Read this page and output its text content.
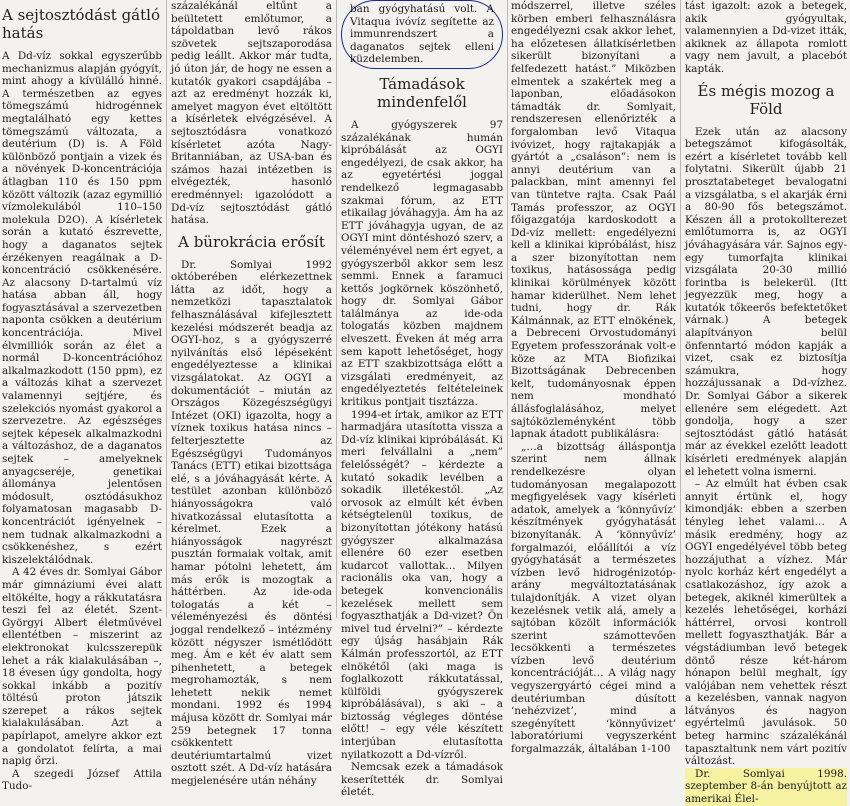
A sejtosztódást gátló hatás

A Dd-víz sokkal egyszerűbb mechanizmus alapján gyógyít, mint ahogy a kívülálló hinné. A természetben az egyes tömegszámú hidrogénnek megtalálható egy kettes tömegszámú változata, a deutérium (D) is. A Föld különböző pontjain a vizek és a növények D-koncentrációja átlagban 110 és 150 ppm között változik (azaz egymillió vízmolekulából 110–150 molekula D2O). A kísérletek során a kutató észrevette, hogy a daganatos sejtek érzékenyen reagálnak a D-koncentráció csökkenésére. Az alacsony D-tartalmú víz hatása abban áll, hogy fogyasztásával a szervezetben naponta csökken a deutérium koncentrációja. Mivel élvmilliók során az élet a normál D-koncentrációhoz alkalmazkodott (150 ppm), ez a változás kihat a szervezet valamennyi sejtjére, és szelekciós nyomást gyakorol a szervezetre. Az egészséges sejtek képesek alkalmazkodni a változáshoz, de a daganatos sejtek – amelyeknek anyagcseréje, genetikai állománya jelentősen módosult, osztódásukhoz folyamatosan magasabb D-koncentrációt igényelnek – nem tudnak alkalmazkodni a csökkenéshez, s ezért kiszelektálódnak.

A 42 éves dr. Somlyai Gábor már gimnáziumi évei alatt eltökélte, hogy a rákkutatásra teszi fel az életét. Szent-Györgyi Albert életművével ellentétben – miszerint az elektronokat kulcsszerepük lehet a rák kialakulásában –, 18 évesen úgy gondolta, hogy sokkal inkább a pozitív töltésű proton játszik szerepet a rákos sejtek kialakulásában. Azt a papírlapot, amelyre akkor ezt a gondolatot felírta, a mai napig őrzi.

A szegedi József Attila Tudo-

százalékánál eltűnt a beültetett emlőtumor, a tápoldatban levő rákos szövetek sejtszaporodása pedig leállt. Akkor már tudta, jó úton jár, de hogy ne essen a kutatók gyakori csapdájába – azt az eredményt hozzák ki, amelyet magyon évet eltöltött a kísérletek elvégzésével. A sejtosztódásra vonatkozó kísérletet azóta Nagy-Britanniában, az USA-ban és számos hazai intézetben is elvégezték, hasonló eredménnyel: igazolódott a Dd-víz sejtosztódást gátló hatása.

A bürokrácia erősít

Dr. Somlyai 1992 októberében elérkezettnek látta az időt, hogy a nemzetközi tapasztalatok felhasználásával kifejlesztett kezelési módszerét beadja az OGYI-hoz, s a gyógyszerré nyilvánítás első lépéseként engedélyeztesse a klinikai vizsgálatokat. Az OGYI a dokumentációt – miután az Országos Közegészségügyi Intézet (OKI) igazolta, hogy a víznek toxikus hatása nincs – felterjesztette az Egészségügyi Tudományos Tanács (ETT) etikai bizottsága elé, s a jóváhagyását kérte. A testület azonban különböző hiányosságokra való hivatkozással elutasította a kérelmet. Ezek a hiányosságok nagyrészt pusztán formaiak voltak, amit hamar pótolni lehetett, ám más erők is mozogtak a háttérben. Az ide-oda tologatás a két – véleményezési és döntési joggal rendelkező – intézmény között négyszer ismétlődött meg. Ám e két év alatt sem pihenhetett, a betegek megrohamozták, s nem lehetett nekik nemet mondani. 1992 és 1994 májusa között dr. Somlyai már 259 betegnek 17 tonna csökkentett deutériumtartalmú vizet osztott szét. A Dd-víz hatására megjelenésére után néhány

ban gyógyhatású volt. A Vitaqua ivóvíz segítette az immunrendszert a daganatos sejtek elleni küzdelemben.

Támadások mindenfelől

A gyógyszerek 97 százalékának humán kipróbálását az OGYI engedélyezi, de csak akkor, ha az egyetértési joggal rendelkező legmagasabb szakmai fórum, az ETT etikailag jóváhagyja. Ám ha az ETT jóváhagyja ugyan, de az OGYI mint döntéshozó szerv, a véleményével nem ért egyet, a gyógyszerből akkor sem lesz semmi. Ennek a faramuci kettős jogkörnek köszönhető, hogy dr. Somlyai Gábor találmánya az ide-oda tologatás közben majdnem elveszett. Éveken át még arra sem kapott lehetőséget, hogy az ETT szakbizottsága előtt a vizsgálati eredményeit, az engedélyeztetés feltételeinek kritikus pontjait tisztázza.

1994-et írtak, amikor az ETT harmadjára utasította vissza a Dd-víz klinikai kipróbálását. Ki meri felvállalni a „nem” felelősségét? – kérdezte a kutató sokadik levélben a sokadik illetékestől. „Az orvosok az elmúlt két évben kétségtelenül toxikus, de bizonyítottan jótékony hatású gyógyszer alkalmazása ellenére 60 ezer esetben kudarcot vallottak… Milyen racionális oka van, hogy a betegek konvencionális kezelések mellett sem fogyaszthatják a Dd-vizet? Ön mivel tud érvelni?” – kérdezte egy újság hasábjain Rák Kálmán professzortól, az ETT elnökétől (aki maga is foglalkozott rákkutatással, külföldi gyógyszerek kipróbálásával), s aki – a biztosság végleges döntése előtt! – egy véle készített interjúban elutasította nyilatkozott a Dd-vízről.

Nemcsak ezek a támadások keserítették dr. Somlyai életét.

módszerrel, illetve széles körben emberi felhasználásra engedélyezni csak akkor lehet, ha előzetesen állatkísérletben sikerült bizonyítani a felfedezett hatást.” Miközben elmentek a szakértek meg a laponban, előadásokon támadták dr. Somlyait, rendszeresen ellenőrizték a forgalomban levő Vitaqua ivóvizet, hogy rajtakapják a gyártót a „csaláson”: nem is annyi deutérium van a palackban, mint amennyi fel van tüntetve rajta. Csak Paál Tamás professzor, az OGYI főigazgatója kardoskodott a Dd-víz mellett: engedélyezni kell a klinikai kipróbálást, hisz a szer bizonyítottan nem toxikus, hatásossága pedig klinikai körülmények között hamar kiderülhet. Nem lehet tudni, hogy dr. Rák Kálmánnak, az ETT elnökének, a Debreceni Orvostudományi Egyetem professzorának volt-e köze az MTA Biofizikai Bizottságának Debrecenben kelt, tudományosnak éppen nem mondható állásfoglalásához, melyet sajtóközleményként több lapnak átadott publikálásra:

„…a bizottság álláspontja szerint nem állnak rendelkezésre olyan tudományosan megalapozott megfigyelések vagy kísérleti adatok, amelyek a ‘könnyűvíz’ készítmények gyógyhatását bizonyítanák. A ‘könnyűvíz’ forgalmazói, előállítói a víz gyógyhatását a természetes vízben levő hidrogénizotóp-arány megváltoztatásának tulajdonítják. A vizet olyan kezelésnek vetik alá, amely a sajtóban közölt információk szerint számottevően lecsökkenti a természetes vízben levő deutérium koncentrációját… A világ nagy vegyszergyártó cégei mind a deutériumban dúsított ‘nehézvizet’, mind a szegényített ‘könnyűvizet’ laboratóriumi vegyszerként forgalmazzák, általában 1-100

tást igazolt: azok a betegek, akik gyógyultak, valamennyien a Dd-vizet itták, akiknek az állapota romlott vagy nem javult, a placebót kapták.

És mégis mozog a Föld

Ezek után az alacsony betegszámot kifogásolták, ezért a kísérletet tovább kell folytatni. Sikerült újabb 21 prosztatabeteget bevalogatni a vizsgálatba, s el akarják érni a 80-90 fős betegszámot. Készen áll a protokollterezet emlőtumorra is, az OGYI jóváhagyására vár. Sajnos egy-egy tumorfajta klinikai vizsgálata 20-30 millió forintba is belekerül. (Itt jegyezzük meg, hogy a kutatók tőkeerős befektetőket várnak.) A betegek alapítványon belül önfenntartó módon kapják a vizet, csak ez biztosítja számukra, hogy hozzájussanak a Dd-vízhez. Dr. Somlyai Gábor a sikerek ellenére sem elégedett. Azt gondolja, hogy a szer sejtosztódást gátló hatását már az évekkel ezelőtt leadott kísérleti eredmények alapján el lehetett volna ismerni.

– Az elmúlt hat évben csak annyit értünk el, hogy kimondják: ebben a szerben tényleg lehet valami… A másik eredmény, hogy az OGYI engedélyével több beteg hozzájuthat a vízhez. Már nyolc korház kért engedélyt a csatlakozáshoz, így azok a betegek, akiknél kimerültek a kezelés lehetőségei, korházi háttérrel, orvosi kontroll mellett fogyaszthatják. Bár a végstádiumban levő betegek döntő része két-három hónapon belül meghalt, így valójában nem vehettek részt a kezelésben, vannak nagyon látványos és nagyon egyértelmű javulások. 50 beteg harminc százalékánál tapasztaltunk nem várt pozitív változást.

Dr. Somlyai 1998. szeptember 8-án benyújtott az amerikai Élel-
